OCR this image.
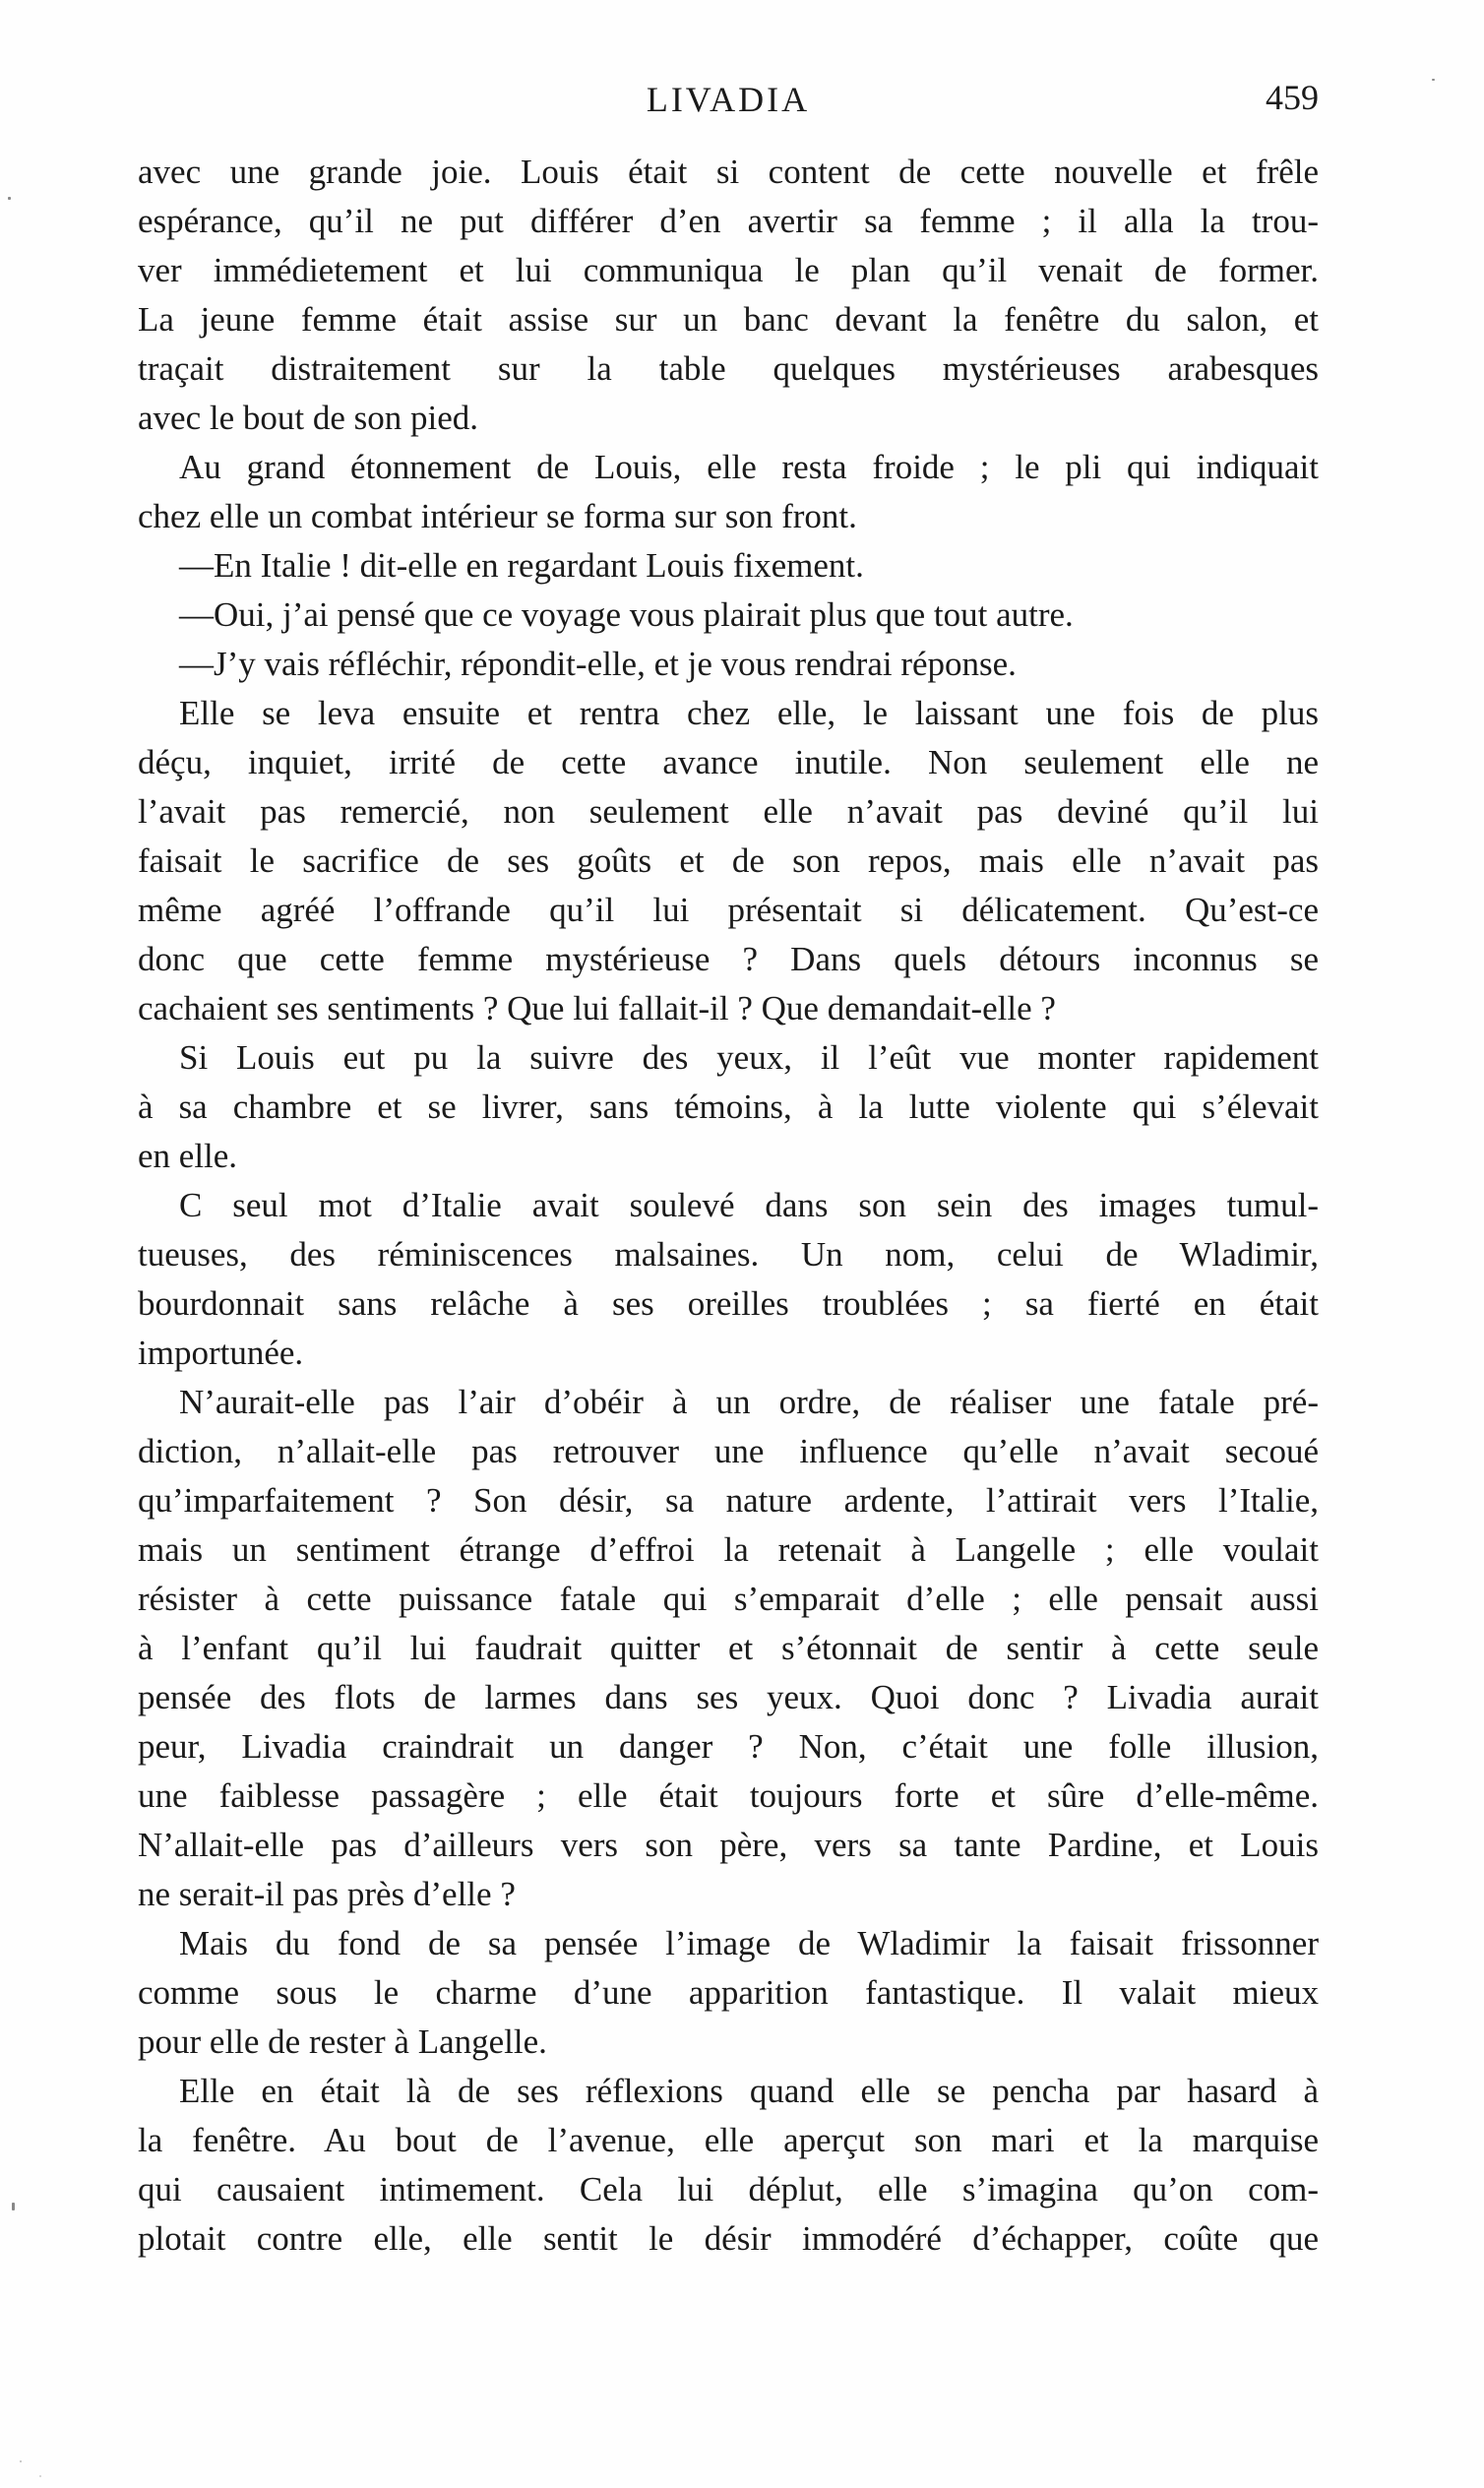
LIVADIA	459
avec une grande joie. Louis était si content de cette nouvelle et frêle
espérance, qu’il ne put différer d’en avertir sa femme ; il alla la trou-
ver immédietement et lui communiqua le plan qu’il venait de former.
La jeune femme était assise sur un banc devant la fenêtre du salon, et
traçait distraitement sur la table quelques mystérieuses arabesques
avec le bout de son pied.
Au grand étonnement de Louis, elle resta froide ; le pli qui indiquait
chez elle un combat intérieur se forma sur son front.
—En Italie ! dit-elle en regardant Louis fixement.
—Oui, j’ai pensé que ce voyage vous plairait plus que tout autre.
—J’y vais réfléchir, répondit-elle, et je vous rendrai réponse.
Elle se leva ensuite et rentra chez elle, le laissant une fois de plus
déçu, inquiet, irrité de cette avance inutile. Non seulement elle ne
l’avait pas remercié, non seulement elle n’avait pas deviné qu’il lui
faisait le sacrifice de ses goûts et de son repos, mais elle n’avait pas
même agréé l’offrande qu’il lui présentait si délicatement. Qu’est-ce
donc que cette femme mystérieuse ? Dans quels détours inconnus se
cachaient ses sentiments ? Que lui fallait-il ? Que demandait-elle ?
Si Louis eut pu la suivre des yeux, il l’eût vue monter rapidement
à sa chambre et se livrer, sans témoins, à la lutte violente qui s’élevait
en elle.
C seul mot d’Italie avait soulevé dans son sein des images tumul-
tueuses, des réminiscences malsaines. Un nom, celui de Wladimir,
bourdonnait sans relâche à ses oreilles troublées ; sa fierté en était
importunée.
N’aurait-elle pas l’air d’obéir à un ordre, de réaliser une fatale pré-
diction, n’allait-elle pas retrouver une influence qu’elle n’avait secoué
qu’imparfaitement ? Son désir, sa nature ardente, l’attirait vers l’Italie,
mais un sentiment étrange d’effroi la retenait à Langelle ; elle voulait
résister à cette puissance fatale qui s’emparait d’elle ; elle pensait aussi
à l’enfant qu’il lui faudrait quitter et s’étonnait de sentir à cette seule
pensée des flots de larmes dans ses yeux. Quoi donc ? Livadia aurait
peur, Livadia craindrait un danger ? Non, c’était une folle illusion,
une faiblesse passagère ; elle était toujours forte et sûre d’elle-même.
N’allait-elle pas d’ailleurs vers son père, vers sa tante Pardine, et Louis
ne serait-il pas près d’elle ?
Mais du fond de sa pensée l’image de Wladimir la faisait frissonner
comme sous le charme d’une apparition fantastique. Il valait mieux
pour elle de rester à Langelle.
Elle en était là de ses réflexions quand elle se pencha par hasard à
la fenêtre. Au bout de l’avenue, elle aperçut son mari et la marquise
qui causaient intimement. Cela lui déplut, elle s’imagina qu’on com-
plotait contre elle, elle sentit le désir immodéré d’échapper, coûte que
